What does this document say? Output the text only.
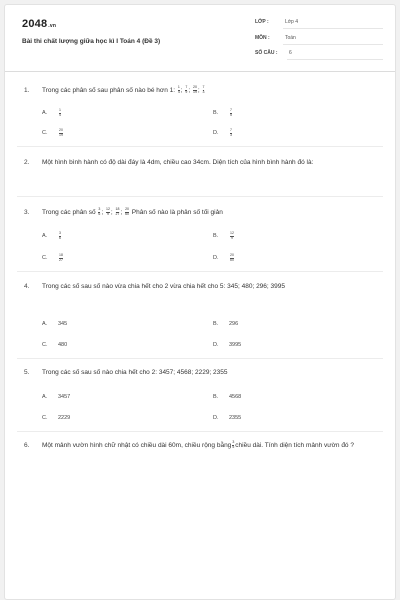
2048.vn
Bài thi chất lượng giữa học kì I Toán 4 (Đề 3)
LỚP :	Lớp 4
MÔN :	Toán
SỐ CÂU : 6
1. Trong các phân số sau phân số nào bé hơn 1: $\frac{1}{4}$ ; $\frac{7}{9}$ ; $\frac{20}{19}$ ; $\frac{7}{3}$
A.	$\frac{1}{4}$	B.	$\frac{7}{5}$
C.	$\frac{20}{19}$	D.	$\frac{7}{3}$
2. Một hình bình hành có độ dài đáy là 4dm, chiều cao 34cm. Diện tích của hình bình hành đó là:
3. Trong các phân số $\frac{3}{6}$ ; $\frac{12}{9}$ ; $\frac{18}{27}$ ; $\frac{20}{60}$ Phân số nào là phân số tối giản
A.	$\frac{3}{6}$	B.	$\frac{12}{9}$
C.	$\frac{18}{27}$	D.	$\frac{20}{60}$
4. Trong các số sau số nào vừa chia hết cho 2 vừa chia hết cho 5: 345; 480; 296; 3995
A. 345	B. 296
C. 480	D. 3995
5. Trong các số sau số nào chia hết cho 2: 3457; 4568; 2229; 2355
A. 3457	B. 4568
C. 2229	D. 2355
6. Một mảnh vườn hình chữ nhật có chiều dài 60m, chiều rộng bằng $\frac{3}{5}$ chiều dài. Tính diện tích mảnh vườn đó ?
